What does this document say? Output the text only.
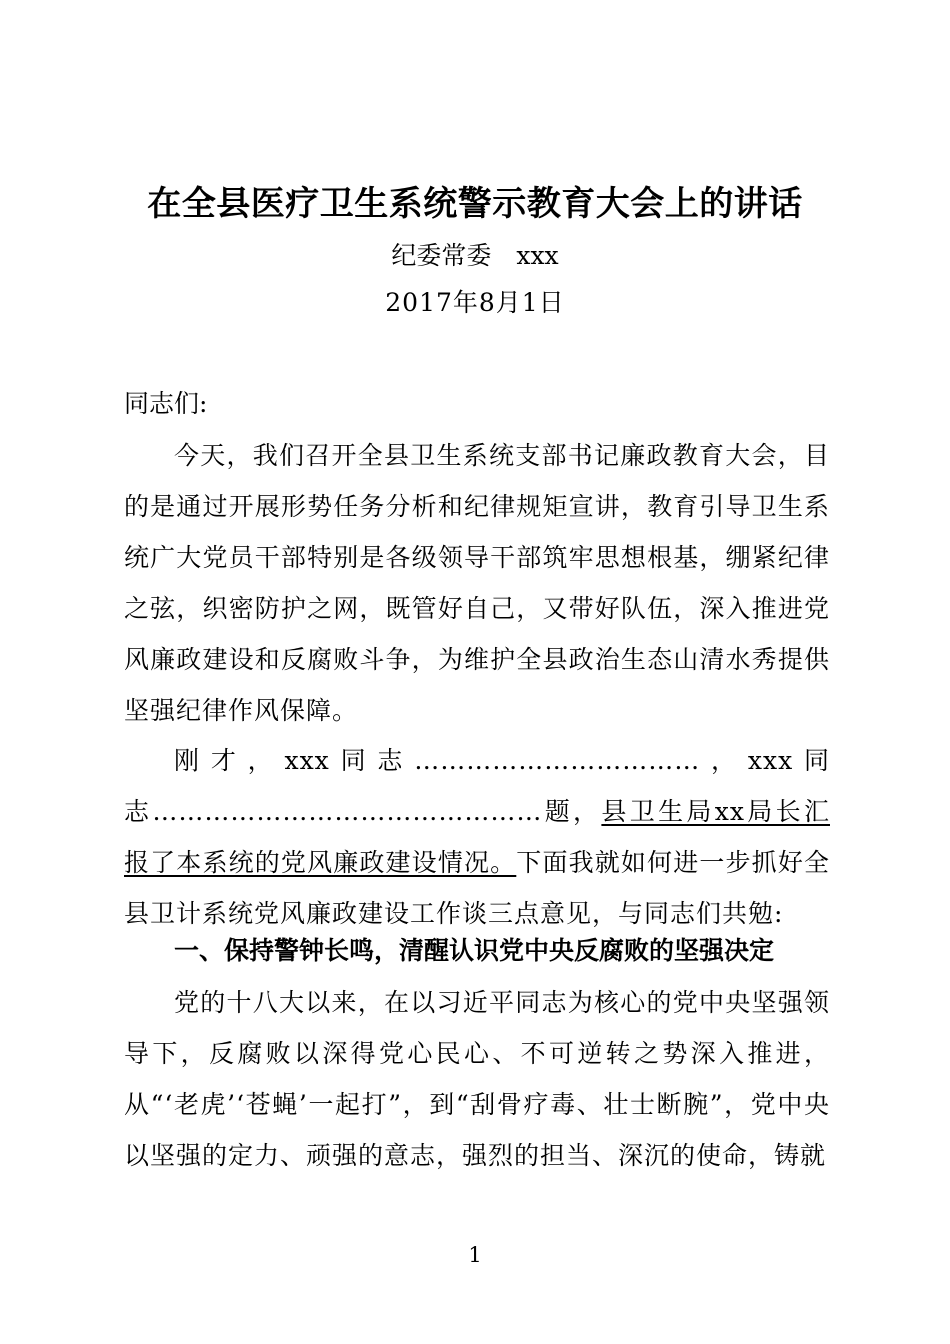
在全县医疗卫生系统警示教育大会上的讲话
纪委常委　xxx
2017年8月1日
同志们:
今天，我们召开全县卫生系统支部书记廉政教育大会，目的是通过开展形势任务分析和纪律规矩宣讲，教育引导卫生系统广大党员干部特别是各级领导干部筑牢思想根基，绷紧纪律之弦，织密防护之网，既管好自己，又带好队伍，深入推进党风廉政建设和反腐败斗争，为维护全县政治生态山清水秀提供坚强纪律作风保障。
刚才，xxx同志……………………………，xxx同志………………………………………题，县卫生局xx局长汇报了本系统的党风廉政建设情况。下面我就如何进一步抓好全县卫计系统党风廉政建设工作谈三点意见，与同志们共勉:
一、保持警钟长鸣，清醒认识党中央反腐败的坚强决定
党的十八大以来，在以习近平同志为核心的党中央坚强领导下，反腐败以深得党心民心、不可逆转之势深入推进，从“‘老虎’‘苍蝇’一起打”，到“刮骨疗毒、壮士断腕”，党中央以坚强的定力、顽强的意志，强烈的担当、深沉的使命，铸就
1
